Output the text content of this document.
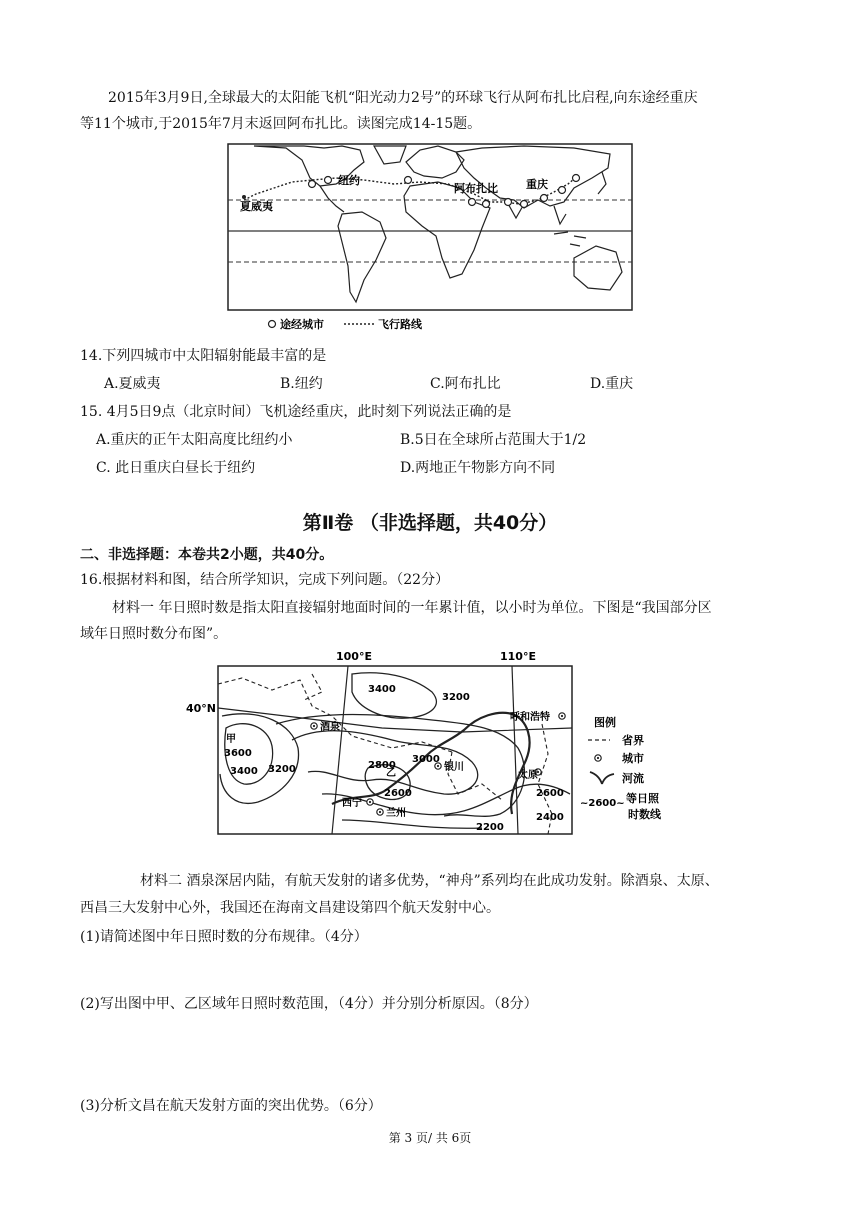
2015年3月9日,全球最大的太阳能飞机“阳光动力2号”的环球飞行从阿布扎比启程,向东途经重庆
等11个城市,于2015年7月末返回阿布扎比。读图完成14-15题。
夏威夷
纽约
阿布扎比	重庆
途经城市	飞行路线
14.下列四城市中太阳辐射能最丰富的是
A.夏威夷	B.纽约	C.阿布扎比	D.重庆
15. 4月5日9点（北京时间）飞机途经重庆，此时刻下列说法正确的是
A.重庆的正午太阳高度比纽约小	B.5日在全球所占范围大于1/2
C. 此日重庆白昼长于纽约	D.两地正午物影方向不同
第Ⅱ卷 （非选择题，共40分）
二、非选择题：本卷共2小题，共40分。
16.根据材料和图，结合所学知识，完成下列问题。（22分）
材料一 年日照时数是指太阳直接辐射地面时间的一年累计值，以小时为单位。下图是“我国部分区
域年日照时数分布图”。
100°E	110°E
40°N
酒泉
银川
呼和浩特
太原
西宁
兰州
甲
乙
3400
3200
3600
3400 3200	2800
3000
2600	2600
2400
2200
图例
省界
城市
河流
~2600~ 等日照
时数线
材料二 酒泉深居内陆，有航天发射的诸多优势，“神舟”系列均在此成功发射。除酒泉、太原、
西昌三大发射中心外，我国还在海南文昌建设第四个航天发射中心。
(1)请简述图中年日照时数的分布规律。（4分）
(2)写出图中甲、乙区域年日照时数范围，（4分）并分别分析原因。（8分）
(3)分析文昌在航天发射方面的突出优势。（6分）
第 3 页/ 共 6页
